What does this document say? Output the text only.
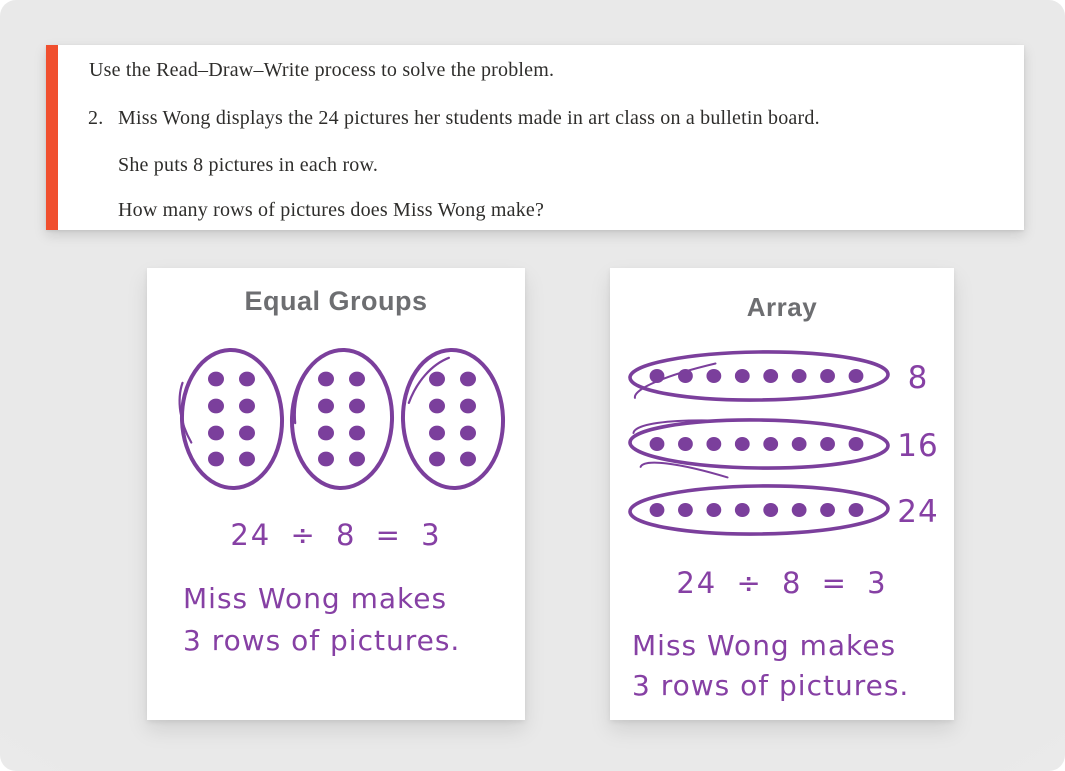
Use the Read–Draw–Write process to solve the problem.
2. Miss Wong displays the 24 pictures her students made in art class on a bulletin board.
She puts 8 pictures in each row.
How many rows of pictures does Miss Wong make?
Equal Groups
24 ÷ 8 = 3
Miss Wong makes
3 rows of pictures.
Array
8
16
24
24 ÷ 8 = 3
Miss Wong makes
3 rows of pictures.
